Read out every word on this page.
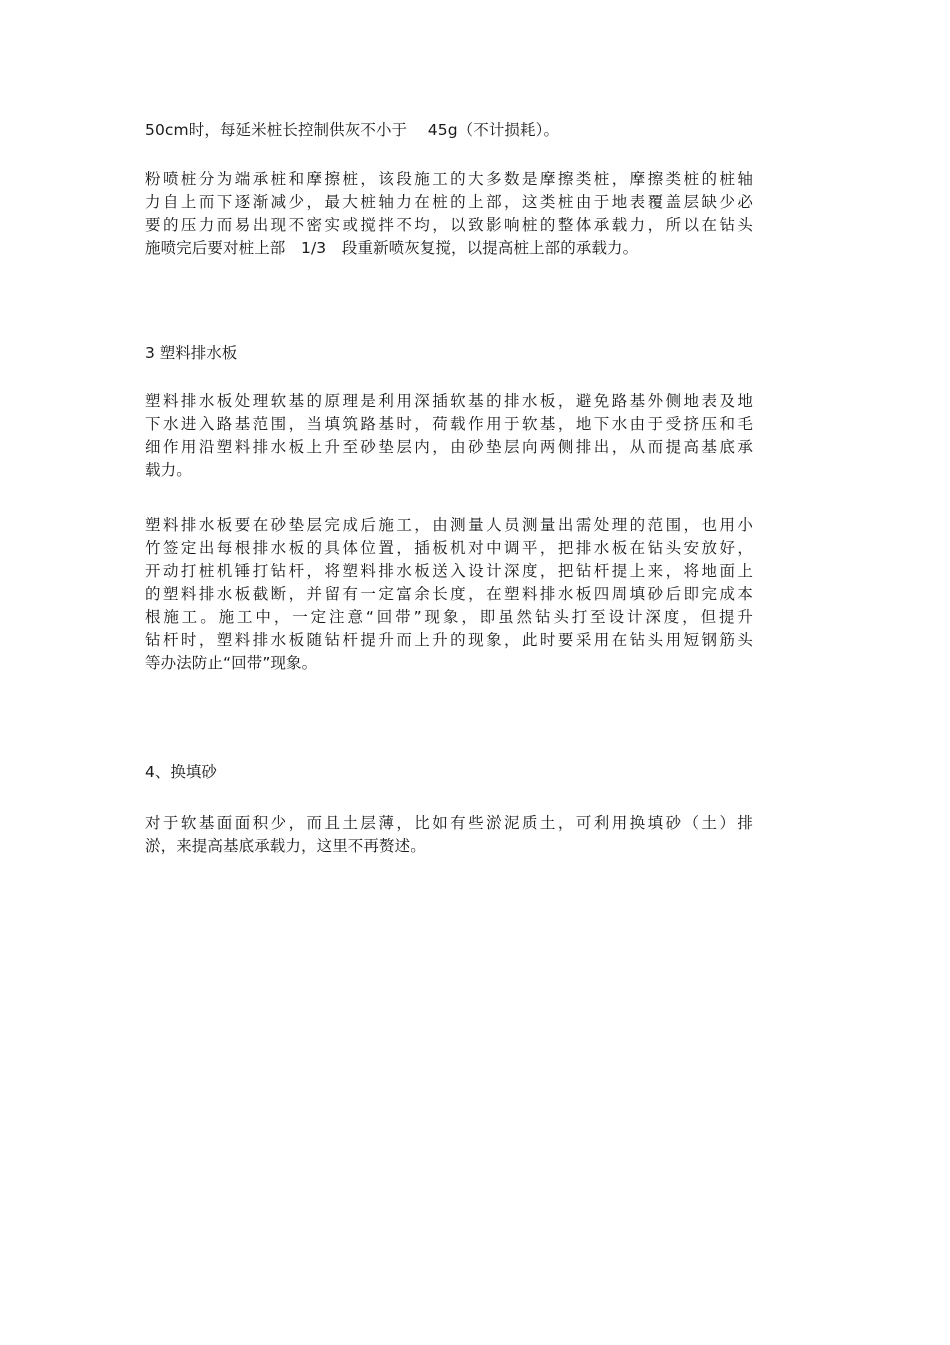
50cm时，每延米桩长控制供灰不小于　 45g（不计损耗）。

粉喷桩分为端承桩和摩擦桩，该段施工的大多数是摩擦类桩，摩擦类桩的桩轴
力自上而下逐渐减少，最大桩轴力在桩的上部，这类桩由于地表覆盖层缺少必
要的压力而易出现不密实或搅拌不均，以致影响桩的整体承载力，所以在钻头
施喷完后要对桩上部　1/3　段重新喷灰复搅，以提高桩上部的承载力。

3 塑料排水板

塑料排水板处理软基的原理是利用深插软基的排水板，避免路基外侧地表及地
下水进入路基范围，当填筑路基时，荷载作用于软基，地下水由于受挤压和毛
细作用沿塑料排水板上升至砂垫层内，由砂垫层向两侧排出，从而提高基底承
载力。

塑料排水板要在砂垫层完成后施工，由测量人员测量出需处理的范围，也用小
竹签定出每根排水板的具体位置，插板机对中调平，把排水板在钻头安放好，
开动打桩机锤打钻杆，将塑料排水板送入设计深度，把钻杆提上来，将地面上
的塑料排水板截断，并留有一定富余长度，在塑料排水板四周填砂后即完成本
根施工。施工中，一定注意“回带”现象，即虽然钻头打至设计深度，但提升
钻杆时，塑料排水板随钻杆提升而上升的现象，此时要采用在钻头用短钢筋头
等办法防止“回带”现象。

4、换填砂

对于软基面面积少，而且土层薄，比如有些淤泥质土，可利用换填砂（土）排
淤，来提高基底承载力，这里不再赘述。
